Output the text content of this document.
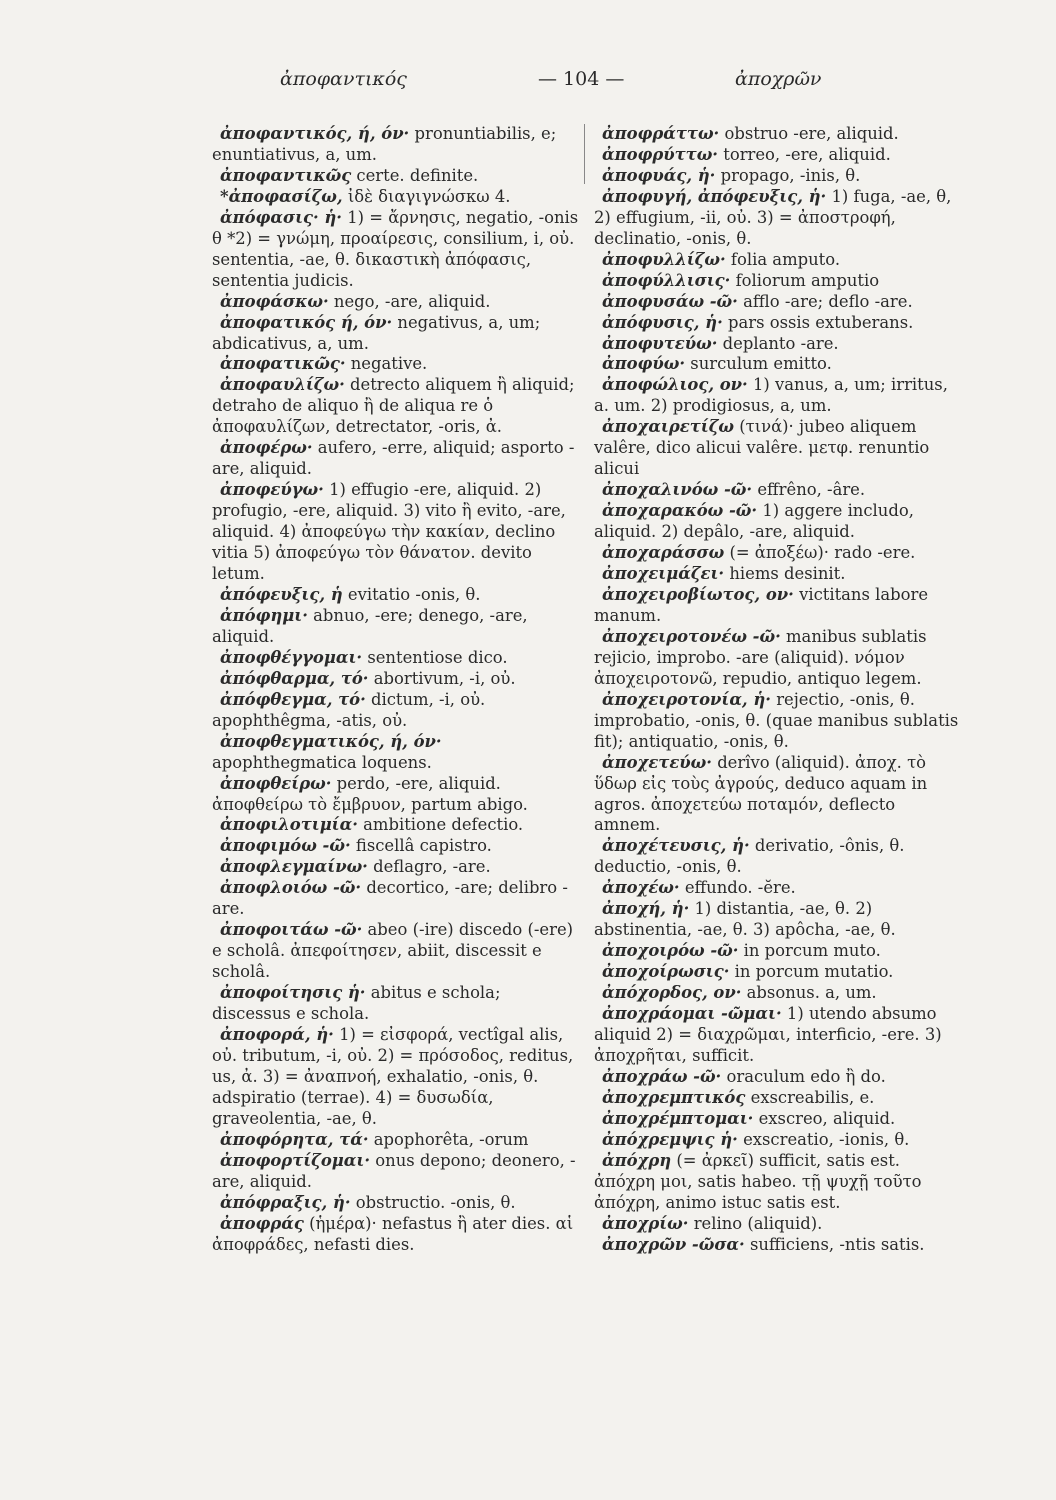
ἀποφαντικός	— 104 —	ἀποχρῶν

ἀποφαντικός, ή, όν· pronuntiabilis, e; enuntiativus, a, um.

ἀποφαντικῶς certe. definite.

*ἀποφασίζω, ἰδὲ διαγιγνώσκω 4.

ἀπόφασις· ἡ· 1) = ἄρνησις, negatio, -onis θ *2) = γνώμη, προαίρεσις, consilium, i, οὐ. sententia, -ae, θ. δικαστικὴ ἀπόφασις, sententia judicis.

ἀποφάσκω· nego, -are, aliquid.

ἀποφατικός ή, όν· negativus, a, um; abdicativus, a, um.

ἀποφατικῶς· negative.

ἀποφαυλίζω· detrecto aliquem ἢ aliquid; detraho de aliquo ἢ de aliqua re ὁ ἀποφαυλίζων, detrectator, -oris, ἀ.

ἀποφέρω· aufero, -erre, aliquid; asporto -are, aliquid.

ἀποφεύγω· 1) effugio -ere, aliquid. 2) profugio, -ere, aliquid. 3) vito ἢ evito, -are, aliquid. 4) ἀποφεύγω τὴν κακίαν, declino vitia 5) ἀποφεύγω τὸν θάνατον. devito letum.

ἀπόφευξις, ἡ evitatio -onis, θ.

ἀπόφημι· abnuo, -ere; denego, -are, aliquid.

ἀποφθέγγομαι· sententiose dico.

ἀπόφθαρμα, τό· abortivum, -i, οὐ.

ἀπόφθεγμα, τό· dictum, -i, οὐ. apophthêgma, -atis, οὐ.

ἀποφθεγματικός, ή, όν· apophthegmatica loquens.

ἀποφθείρω· perdo, -ere, aliquid. ἀποφθείρω τὸ ἔμβρυον, partum abigo.

ἀποφιλοτιμία· ambitione defectio.

ἀποφιμόω -ῶ· fiscellâ capistro.

ἀποφλεγμαίνω· deflagro, -are.

ἀποφλοιόω -ῶ· decortico, -are; delibro -are.

ἀποφοιτάω -ῶ· abeo (-ire) discedo (-ere) e scholâ. ἀπεφοίτησεν, abiit, discessit e scholâ.

ἀποφοίτησις ἡ· abitus e schola; discessus e schola.

ἀποφορά, ἡ· 1) = εἰσφορά, vectîgal alis, οὐ. tributum, -i, οὐ. 2) = πρόσοδος, reditus, us, ἀ. 3) = ἀναπνοή, exhalatio, -onis, θ. adspiratio (terrae). 4) = δυσωδία, graveolentia, -ae, θ.

ἀποφόρητα, τά· apophorêta, -orum

ἀποφορτίζομαι· onus depono; deonero, -are, aliquid.

ἀπόφραξις, ἡ· obstructio. -onis, θ.

ἀποφράς (ἡμέρα)· nefastus ἢ ater dies. αἱ ἀποφράδες, nefasti dies.

ἀποφράττω· obstruo -ere, aliquid.

ἀποφρύττω· torreo, -ere, aliquid.

ἀποφυάς, ἡ· propago, -inis, θ.

ἀποφυγή, ἀπόφευξις, ἡ· 1) fuga, -ae, θ, 2) effugium, -ii, οὐ. 3) = ἀποστροφή, declinatio, -onis, θ.

ἀποφυλλίζω· folia amputo.

ἀποφύλλισις· foliorum amputio

ἀποφυσάω -ῶ· afflo -are; deflo -are.

ἀπόφυσις, ἡ· pars ossis extuberans.

ἀποφυτεύω· deplanto -are.

ἀποφύω· surculum emitto.

ἀποφώλιος, ον· 1) vanus, a, um; irritus, a. um. 2) prodigiosus, a, um.

ἀποχαιρετίζω (τινά)· jubeo aliquem valêre, dico alicui valêre. μετφ. renuntio alicui

ἀποχαλινόω -ῶ· effrêno, -âre.

ἀποχαρακόω -ῶ· 1) aggere includo, aliquid. 2) depâlo, -are, aliquid.

ἀποχαράσσω (= ἀποξέω)· rado -ere.

ἀποχειμάζει· hiems desinit.

ἀποχειροβίωτος, ον· victitans labore manum.

ἀποχειροτονέω -ῶ· manibus sublatis rejicio, improbo. -are (aliquid). νόμον ἀποχειροτονῶ, repudio, antiquo legem.

ἀποχειροτονία, ἡ· rejectio, -onis, θ. improbatio, -onis, θ. (quae manibus sublatis fit); antiquatio, -onis, θ.

ἀποχετεύω· derîvo (aliquid). ἀποχ. τὸ ὕδωρ εἰς τοὺς ἀγρούς, deduco aquam in agros. ἀποχετεύω ποταμόν, deflecto amnem.

ἀποχέτευσις, ἡ· derivatio, -ônis, θ. deductio, -onis, θ.

ἀποχέω· effundo. -ĕre.

ἀποχή, ἡ· 1) distantia, -ae, θ. 2) abstinentia, -ae, θ. 3) apôcha, -ae, θ.

ἀποχοιρόω -ῶ· in porcum muto.

ἀποχοίρωσις· in porcum mutatio.

ἀπόχορδος, ον· absonus. a, um.

ἀποχράομαι -ῶμαι· 1) utendo absumo aliquid 2) = διαχρῶμαι, interficio, -ere. 3) ἀποχρῆται, sufficit.

ἀποχράω -ῶ· oraculum edo ἢ do.

ἀποχρεμπτικός exscreabilis, e.

ἀποχρέμπτομαι· exscreo, aliquid.

ἀπόχρεμψις ἡ· exscreatio, -ionis, θ.

ἀπόχρη (= ἀρκεῖ) sufficit, satis est. ἀπόχρη μοι, satis habeo. τῇ ψυχῇ τοῦτο ἀπόχρη, animo istuc satis est.

ἀποχρίω· relino (aliquid).

ἀποχρῶν -ῶσα· sufficiens, -ntis satis.
